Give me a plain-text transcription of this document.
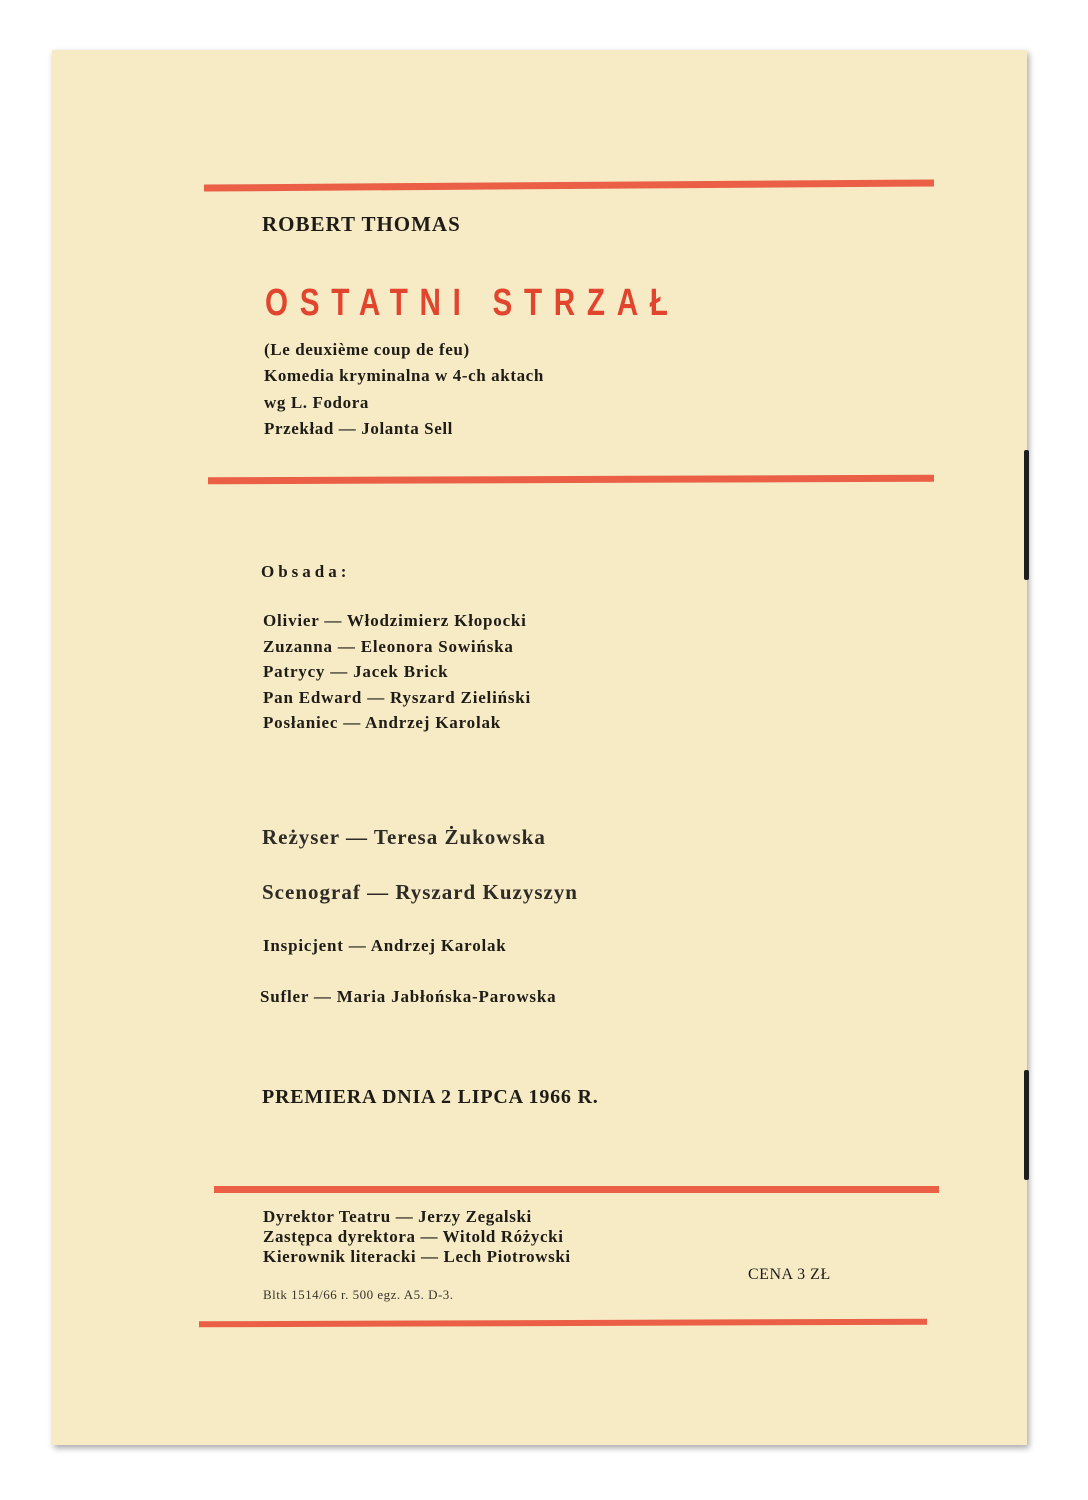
ROBERT THOMAS
OSTATNI STRZAŁ
(Le deuxième coup de feu)
Komedia kryminalna w 4-ch aktach
wg L. Fodora
Przekład — Jolanta Sell
Obsada:
Olivier — Włodzimierz Kłopocki
Zuzanna — Eleonora Sowińska
Patrycy — Jacek Brick
Pan Edward — Ryszard Zieliński
Posłaniec — Andrzej Karolak
Reżyser — Teresa Żukowska
Scenograf — Ryszard Kuzyszyn
Inspicjent — Andrzej Karolak
Sufler — Maria Jabłońska-Parowska
PREMIERA DNIA 2 LIPCA 1966 R.
Dyrektor Teatru — Jerzy Zegalski
Zastępca dyrektora — Witold Różycki
Kierownik literacki — Lech Piotrowski
CENA 3 ZŁ
Bltk 1514/66 r. 500 egz. A5. D-3.
